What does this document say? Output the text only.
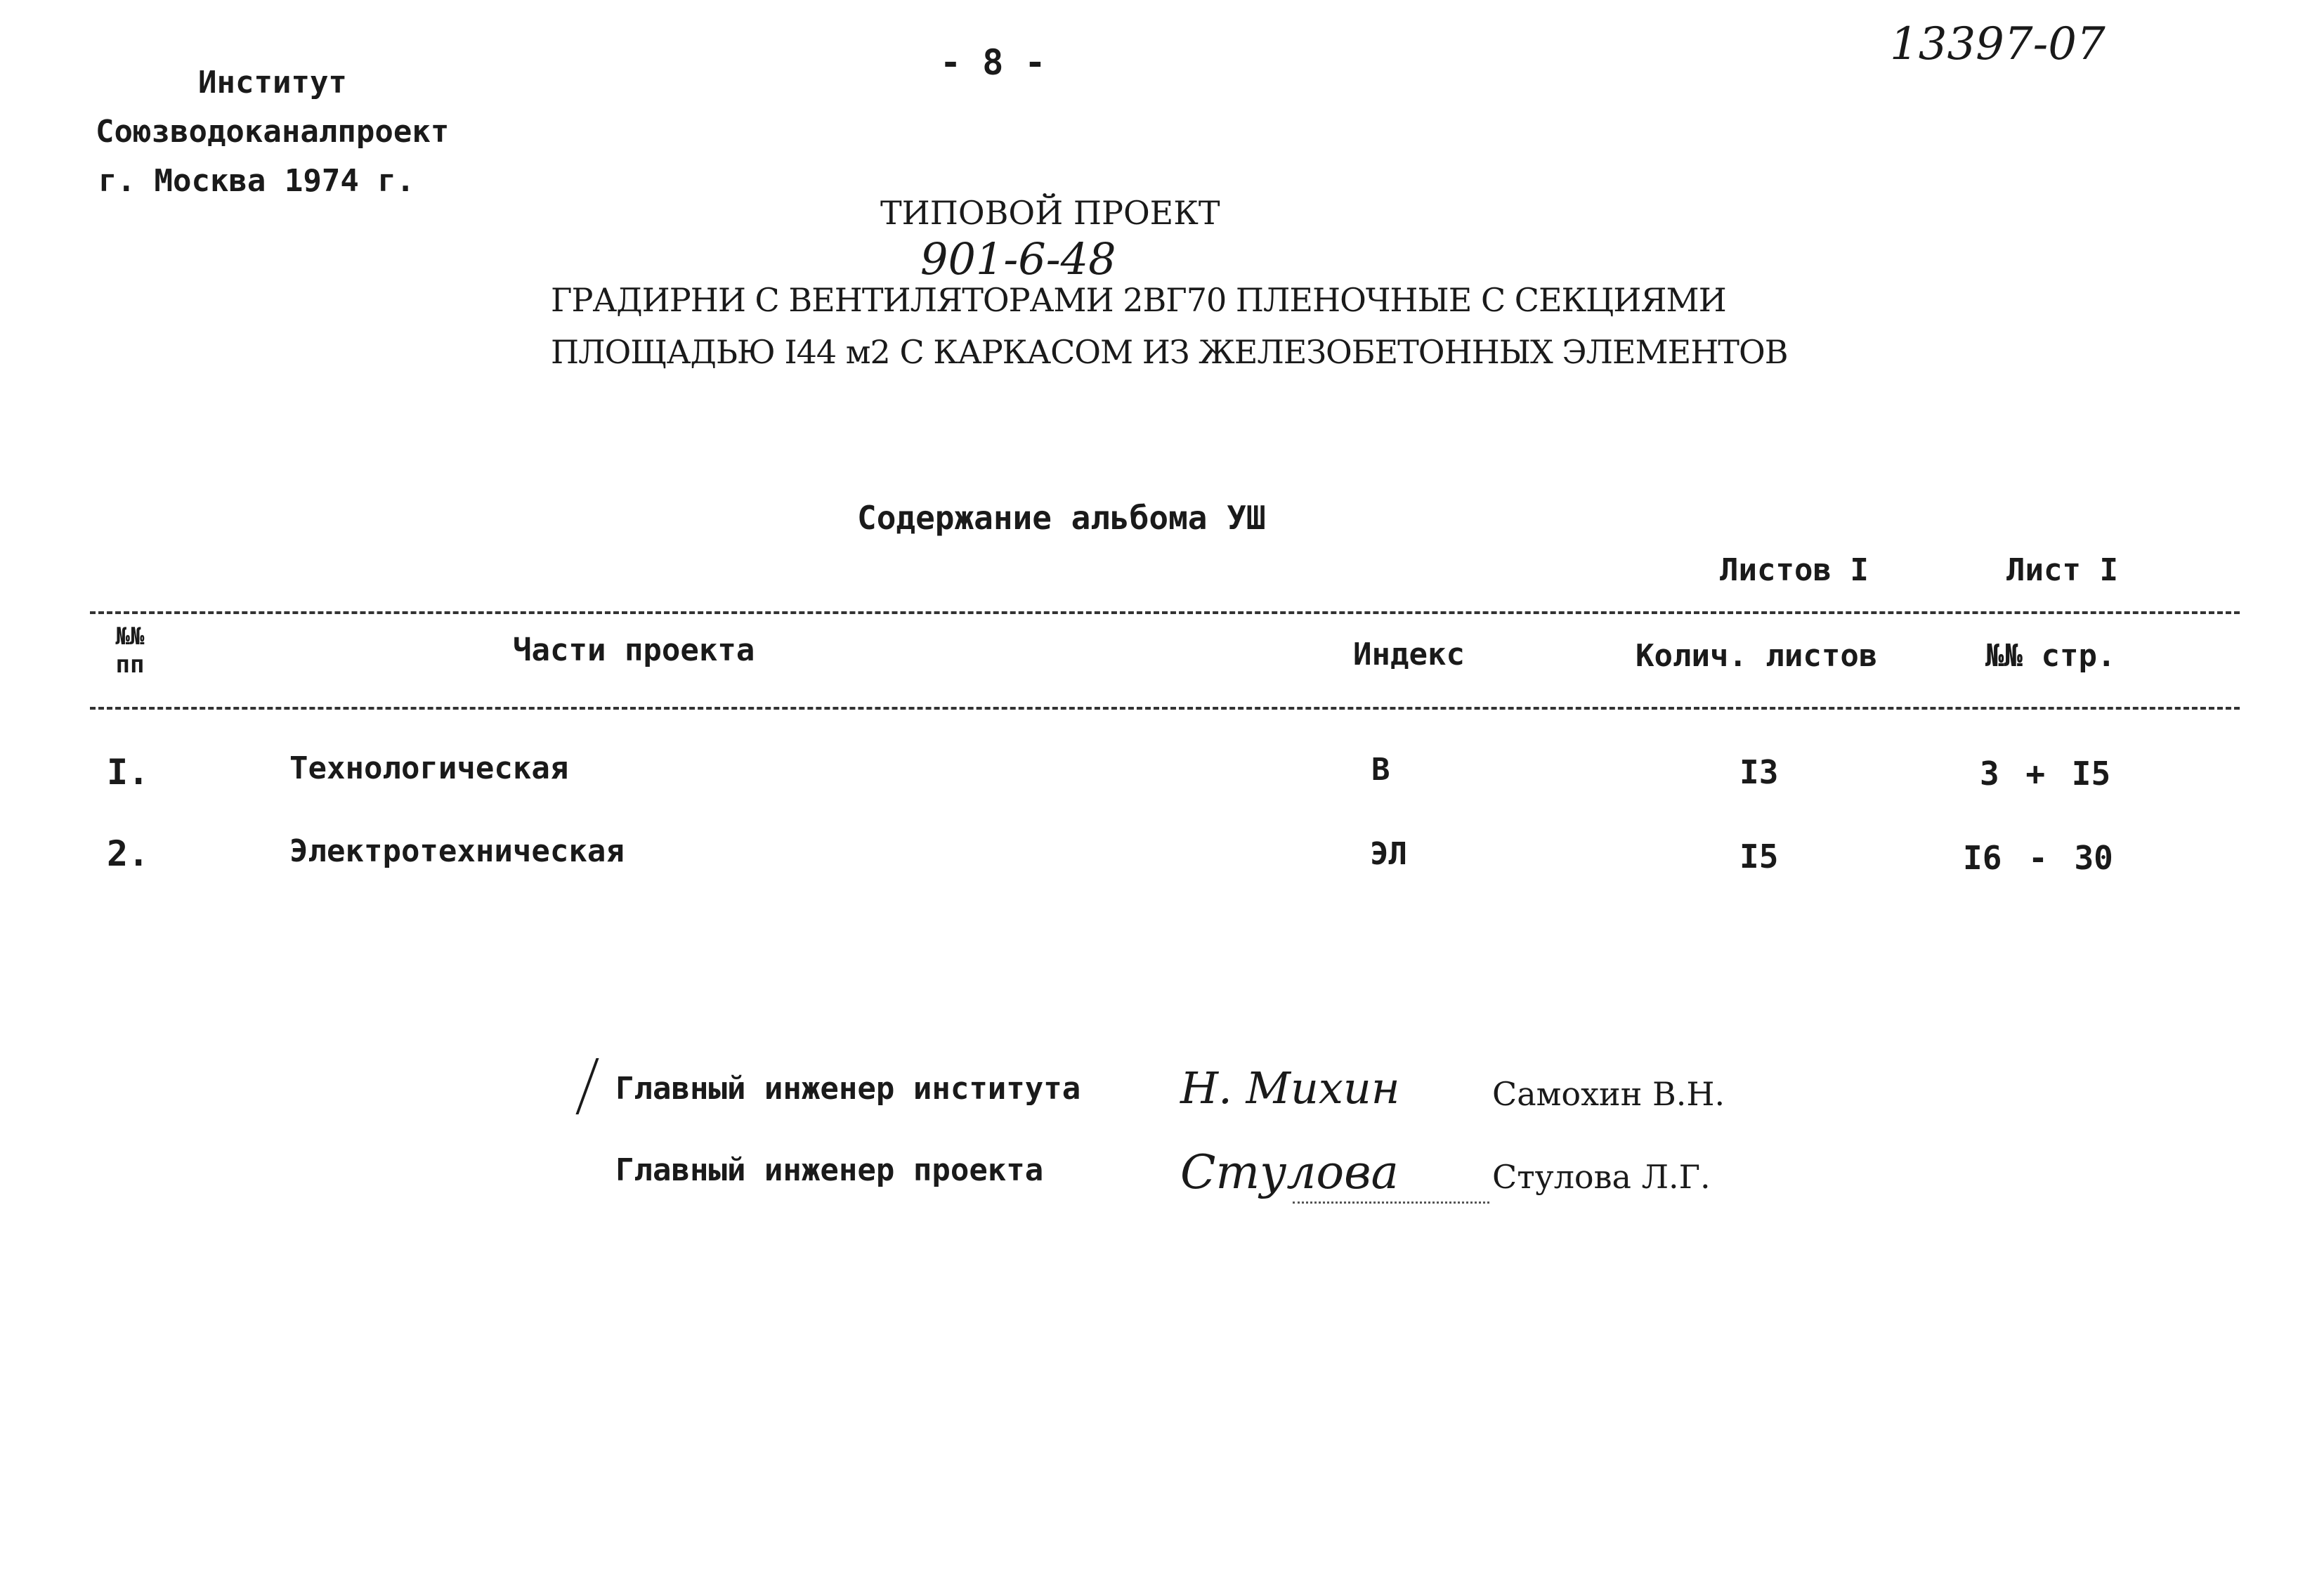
Институт
Союзводоканалпроект
г. Москва 1974 г.
- 8 -	13397-07
ТИПОВОЙ ПРОЕКТ
901-6-48
ГРАДИРНИ С ВЕНТИЛЯТОРАМИ 2ВГ70 ПЛЕНОЧНЫЕ С СЕКЦИЯМИ
ПЛОЩАДЬЮ I44 м2 С КАРКАСОМ ИЗ ЖЕЛЕЗОБЕТОННЫХ ЭЛЕМЕНТОВ
Содержание альбома УШ
Листов I	Лист I
№№ пп	Части проекта	Индекс	Колич. листов	№№ стр.
I.	Технологическая	В	I3	3 + I5
2.	Электротехническая	ЭЛ	I5	I6 - 30
Главный инженер института Н. Михин	Самохин В.Н.
Главный инженер проекта	Стулова	Стулова Л.Г.
